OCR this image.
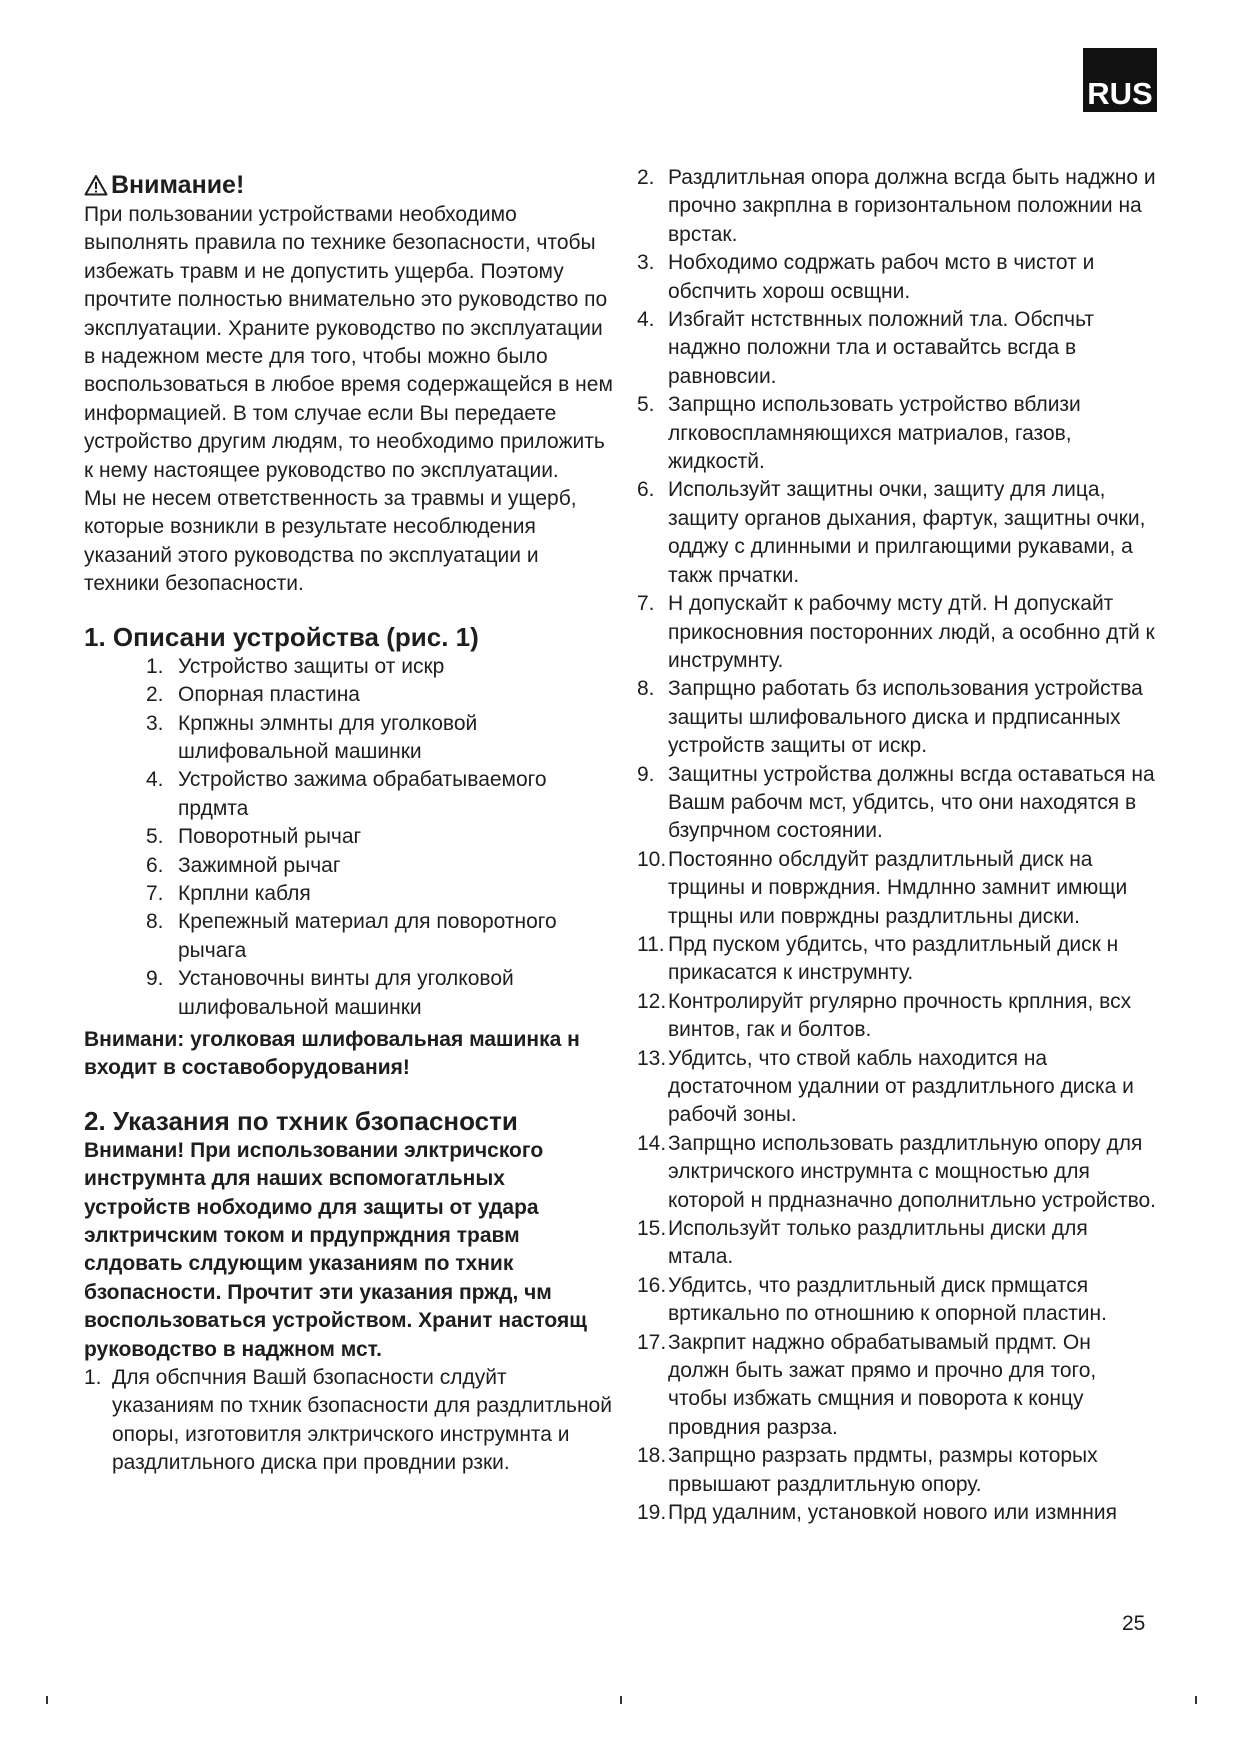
RUS
Внимание!

При пользовании устройствами необходимо выполнять правила по технике безопасности, чтобы избежать травм и не допустить ущерба. Поэтому прочтите полностью внимательно это руководство по эксплуатации. Храните руководство по эксплуатации в надежном месте для того, чтобы можно было воспользоваться в любое время содержащейся в нем информацией. В том случае если Вы передаете устройство другим людям, то необходимо приложить к нему настоящее руководство по эксплуатации.

Мы не несем ответственность за травмы и ущерб, которые возникли в результате несоблюдения указаний этого руководства по эксплуатации и техники безопасности.

1. Описани устройства (рис. 1)
1. Устройство защиты от искр
2. Опорная пластина
3. Крпжны элмнты для уголковой шлифовальной машинки
4. Устройство зажима обрабатываемого прдмта
5. Поворотный рычаг
6. Зажимной рычаг
7. Крплни кабля
8. Крепежный материал для поворотного рычага
9. Установочны винты для уголковой шлифовальной машинки

Внимани: уголковая шлифовальная машинка н входит в составоборудования!

2. Указания по тхник бзопасности

Внимани! При использовании элктричского инструмнта для наших вспомогатльных устройств нобходимо для защиты от удара элктричским током и прдупрждния травм слдовать слдующим указаниям по тхник бзопасности. Прочтит эти указания пржд, чм воспользоваться устройством. Хранит настоящ руководство в наджном мст.

1. Для обспчния Вашй бзопасности слдуйт указаниям по тхник бзопасности для раздлитльной опоры, изготовитля элктричского инструмнта и раздлитльного диска при провднии рзки.
2. Раздлитльная опора должна всгда быть наджно и прочно закрплна в горизонтальном положнии на врстак.
3. Нобходимо содржать рабоч мсто в чистот и обспчить хорош освщни.
4. Избгайт нстствнных положний тла. Обспчьт наджно положни тла и оставайтсь всгда в равновсии.
5. Запрщно использовать устройство вблизи лгковоспламняющихся матриалов, газов, жидкостй.
6. Используйт защитны очки, защиту для лица, защиту органов дыхания, фартук, защитны очки, одджу с длинными и прилгающими рукавами, а такж прчатки.
7. Н допускайт к рабочму мсту дтй. Н допускайт прикосновния посторонних людй, а особнно дтй к инструмнту.
8. Запрщно работать бз использования устройства защиты шлифовального диска и прдписанных устройств защиты от искр.
9. Защитны устройства должны всгда оставаться на Вашм рабочм мст, убдитсь, что они находятся в бзупрчном состоянии.
10. Постоянно обслдуйт раздлитльный диск на трщины и поврждния. Нмдлнно замнит имющи трщны или поврждны раздлитльны диски.
11. Прд пуском убдитсь, что раздлитльный диск н прикасатся к инструмнту.
12. Контролируйт ргулярно прочность крплния, всх винтов, гак и болтов.
13. Убдитсь, что ствой кабль находится на достаточном удалнии от раздлитльного диска и рабочй зоны.
14. Запрщно использовать раздлитльную опору для элктричского инструмнта с мощностью для которой н прдназначно дополнитльно устройство.
15. Используйт только раздлитльны диски для мтала.
16. Убдитсь, что раздлитльный диск прмщатся вртикально по отношнию к опорной пластин.
17. Закрпит наджно обрабатывамый прдмт. Он должн быть зажат прямо и прочно для того, чтобы избжать смщния и поворота к концу провдния разрза.
18. Запрщно разрзать прдмты, размры которых првышают раздлитльную опору.
19. Прд удалним, установкой нового или измнния
25
